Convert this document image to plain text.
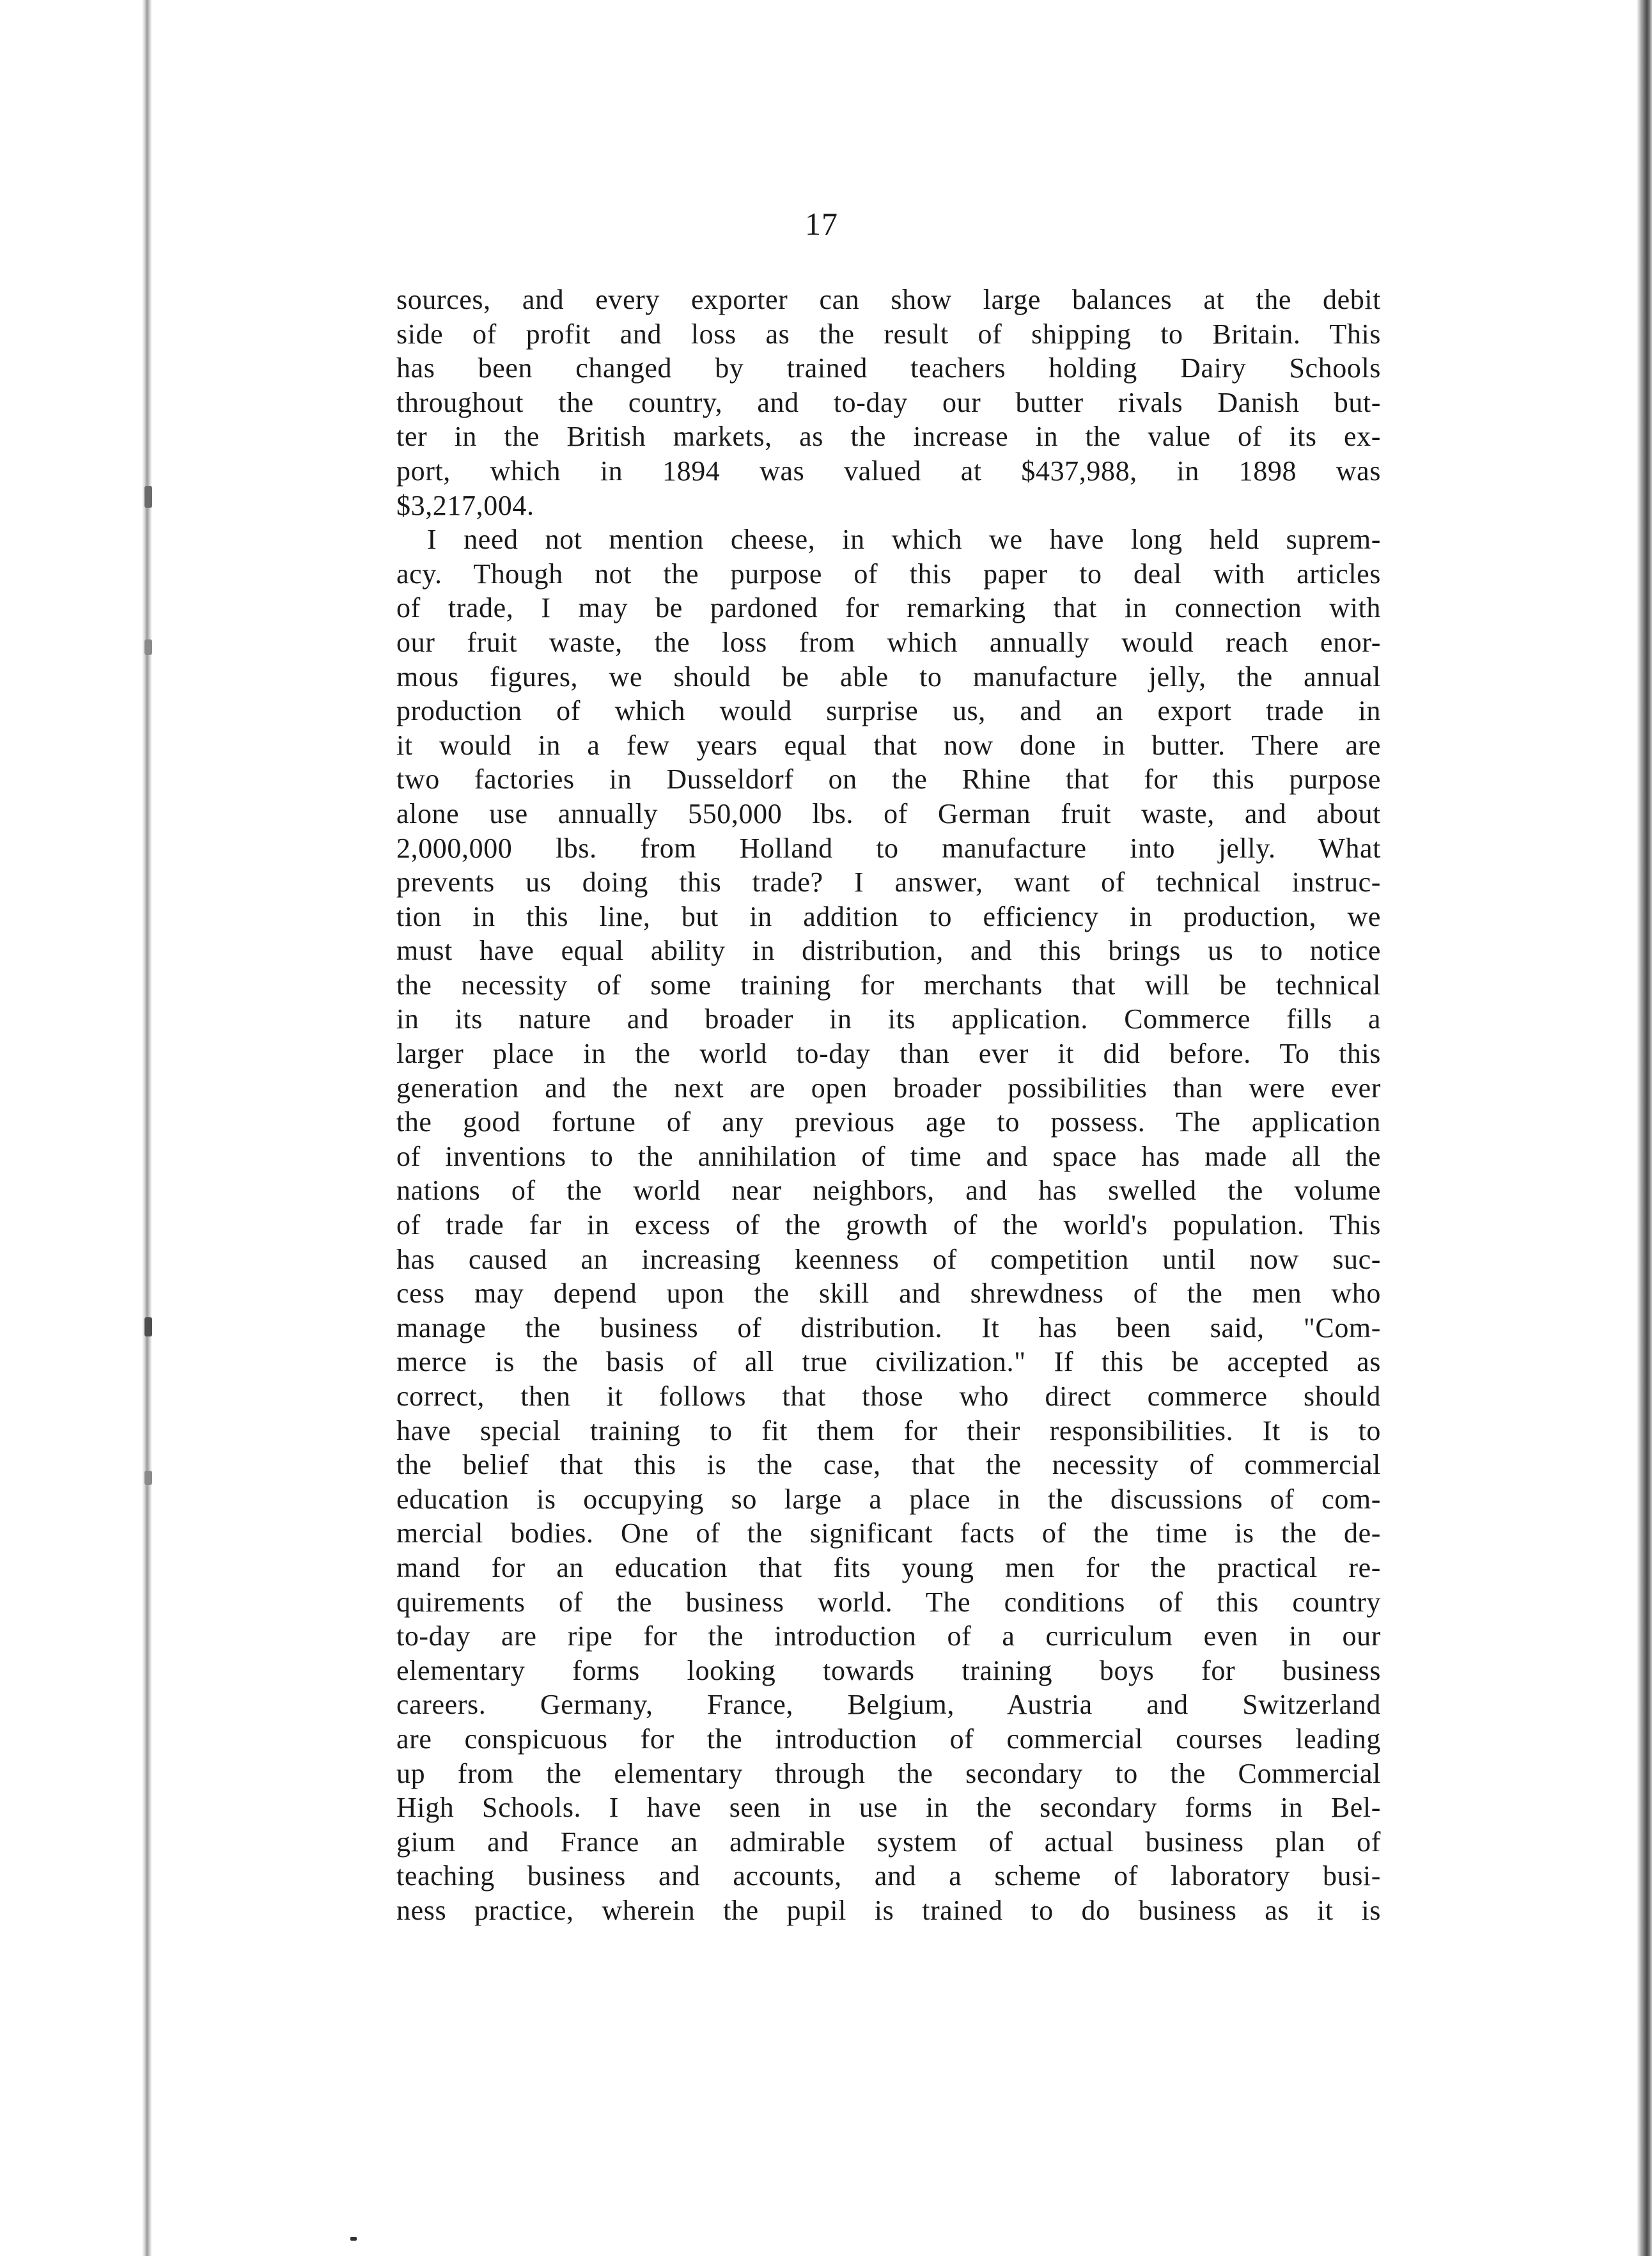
17
sources, and every exporter can show large balances at the debit
side of profit and loss as the result of shipping to Britain. This
has been changed by trained teachers holding Dairy Schools
throughout the country, and to-day our butter rivals Danish but-
ter in the British markets, as the increase in the value of its ex-
port, which in 1894 was valued at $437,988, in 1898 was
$3,217,004.
I need not mention cheese, in which we have long held suprem-
acy. Though not the purpose of this paper to deal with articles
of trade, I may be pardoned for remarking that in connection with
our fruit waste, the loss from which annually would reach enor-
mous figures, we should be able to manufacture jelly, the annual
production of which would surprise us, and an export trade in
it would in a few years equal that now done in butter. There are
two factories in Dusseldorf on the Rhine that for this purpose
alone use annually 550,000 lbs. of German fruit waste, and about
2,000,000 lbs. from Holland to manufacture into jelly. What
prevents us doing this trade? I answer, want of technical instruc-
tion in this line, but in addition to efficiency in production, we
must have equal ability in distribution, and this brings us to notice
the necessity of some training for merchants that will be technical
in its nature and broader in its application. Commerce fills a
larger place in the world to-day than ever it did before. To this
generation and the next are open broader possibilities than were ever
the good fortune of any previous age to possess. The application
of inventions to the annihilation of time and space has made all the
nations of the world near neighbors, and has swelled the volume
of trade far in excess of the growth of the world's population. This
has caused an increasing keenness of competition until now suc-
cess may depend upon the skill and shrewdness of the men who
manage the business of distribution. It has been said, "Com-
merce is the basis of all true civilization." If this be accepted as
correct, then it follows that those who direct commerce should
have special training to fit them for their responsibilities. It is to
the belief that this is the case, that the necessity of commercial
education is occupying so large a place in the discussions of com-
mercial bodies. One of the significant facts of the time is the de-
mand for an education that fits young men for the practical re-
quirements of the business world. The conditions of this country
to-day are ripe for the introduction of a curriculum even in our
elementary forms looking towards training boys for business
careers. Germany, France, Belgium, Austria and Switzerland
are conspicuous for the introduction of commercial courses leading
up from the elementary through the secondary to the Commercial
High Schools. I have seen in use in the secondary forms in Bel-
gium and France an admirable system of actual business plan of
teaching business and accounts, and a scheme of laboratory busi-
ness practice, wherein the pupil is trained to do business as it is
